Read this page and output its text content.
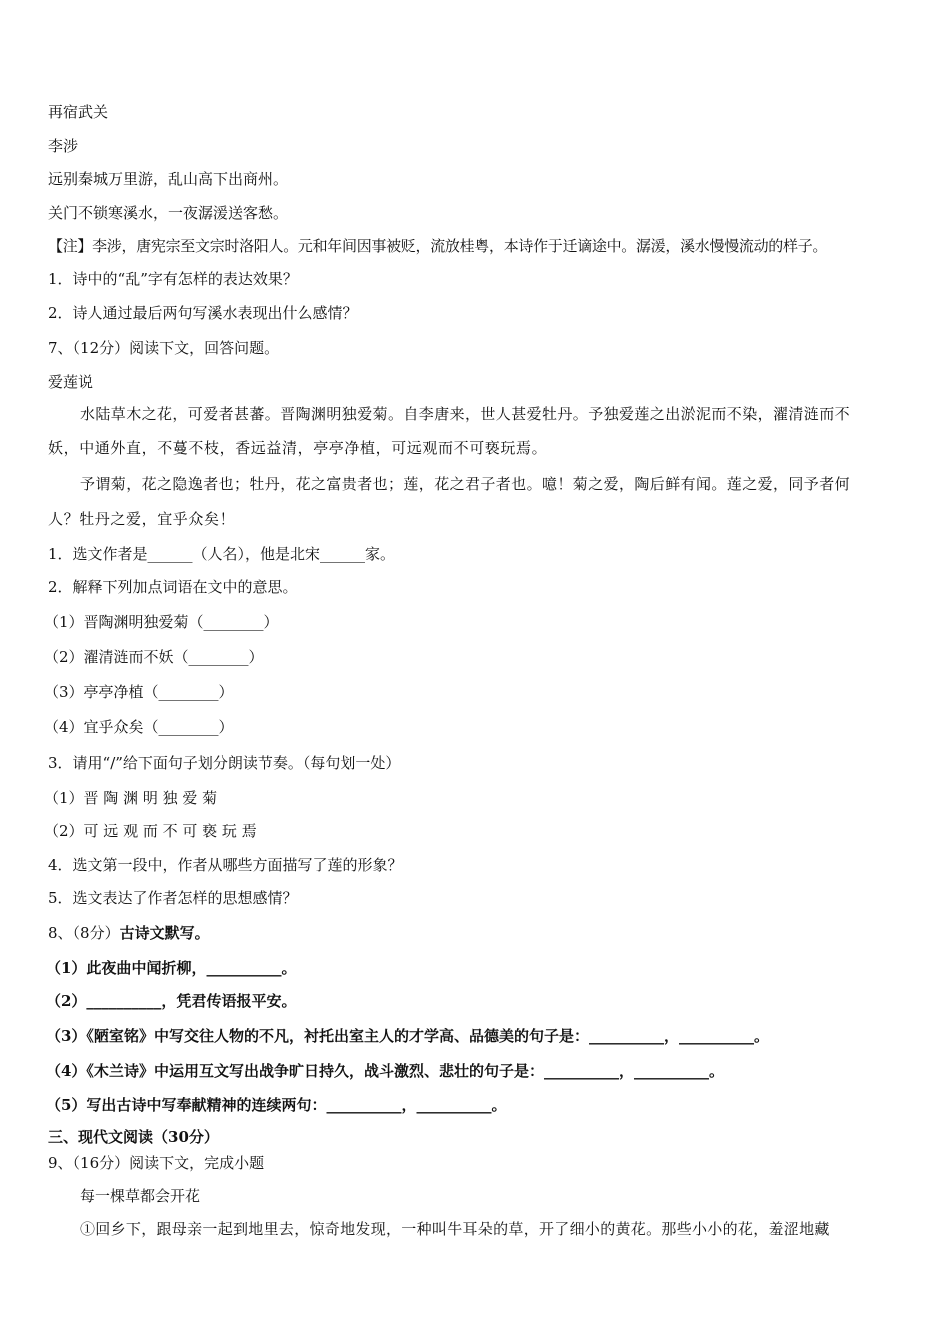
再宿武关

李涉

远别秦城万里游，乱山高下出商州。

关门不锁寒溪水，一夜潺湲送客愁。

【注】李涉，唐宪宗至文宗时洛阳人。元和年间因事被贬，流放桂粤，本诗作于迁谪途中。潺湲，溪水慢慢流动的样子。

1．诗中的“乱”字有怎样的表达效果？

2．诗人通过最后两句写溪水表现出什么感情？

7、（12分）阅读下文，回答问题。

爱莲说

水陆草木之花，可爱者甚蕃。晋陶渊明独爱菊。自李唐来，世人甚爱牡丹。予独爱莲之出淤泥而不染，濯清涟而不

妖，中通外直，不蔓不枝，香远益清，亭亭净植，可远观而不可亵玩焉。

予谓菊，花之隐逸者也；牡丹，花之富贵者也；莲，花之君子者也。噫！菊之爱，陶后鲜有闻。莲之爱，同予者何

人？牡丹之爱，宜乎众矣！

1．选文作者是______（人名），他是北宋______家。

2．解释下列加点词语在文中的意思。

（1）晋陶渊明独爱菊（________）

（2）濯清涟而不妖（________）

（3）亭亭净植（________）

（4）宜乎众矣（________）

3．请用“/”给下面句子划分朗读节奏。（每句划一处）

（1）晋 陶 渊 明 独 爱 菊

（2）可 远 观 而 不 可 亵 玩 焉

4．选文第一段中，作者从哪些方面描写了莲的形象？

5．选文表达了作者怎样的思想感情？

8、（8分）古诗文默写。

（1）此夜曲中闻折柳，__________。

（2）__________，凭君传语报平安。

（3）《陋室铭》中写交往人物的不凡，衬托出室主人的才学高、品德美的句子是：__________，__________。

（4）《木兰诗》中运用互文写出战争旷日持久，战斗激烈、悲壮的句子是：__________，__________。

（5）写出古诗中写奉献精神的连续两句：__________，__________。

三、现代文阅读（30分）

9、（16分）阅读下文，完成小题

每一棵草都会开花

①回乡下，跟母亲一起到地里去，惊奇地发现，一种叫牛耳朵的草，开了细小的黄花。那些小小的花，羞涩地藏
